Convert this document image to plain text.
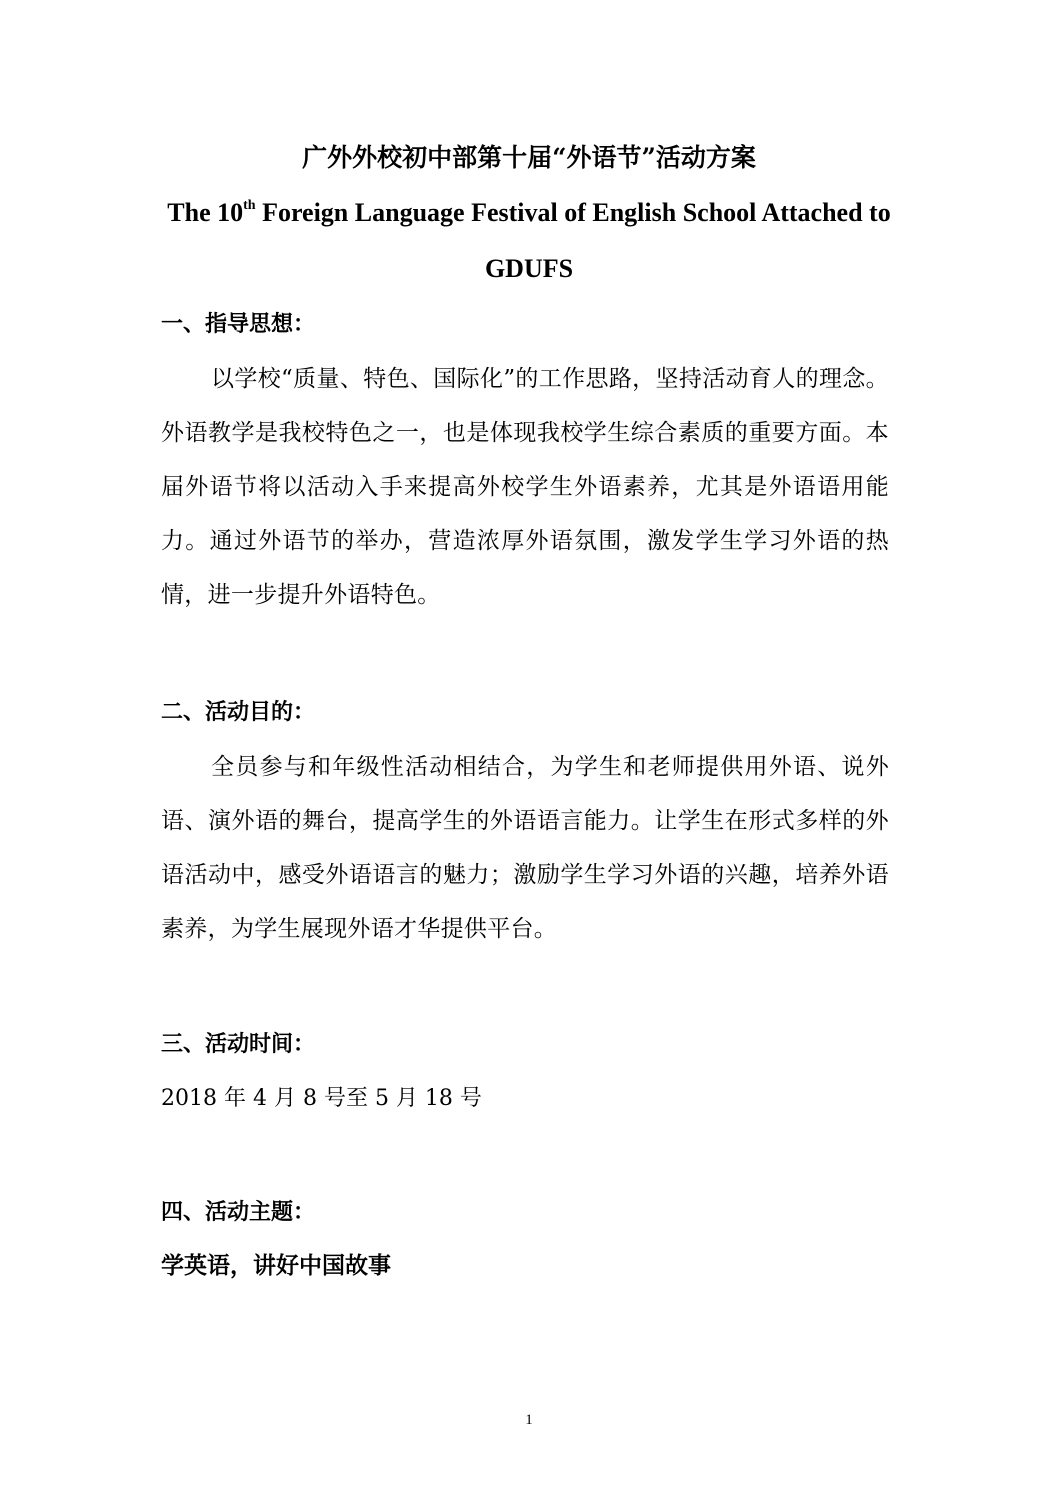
广外外校初中部第十届“外语节”活动方案
The 10th Foreign Language Festival of English School Attached to
GDUFS
一、指导思想：

以学校“质量、特色、国际化”的工作思路，坚持活动育人的理念。外语教学是我校特色之一，也是体现我校学生综合素质的重要方面。本届外语节将以活动入手来提高外校学生外语素养，尤其是外语语用能力。通过外语节的举办，营造浓厚外语氛围，激发学生学习外语的热情，进一步提升外语特色。

二、活动目的：

全员参与和年级性活动相结合，为学生和老师提供用外语、说外语、演外语的舞台，提高学生的外语语言能力。让学生在形式多样的外语活动中，感受外语语言的魅力；激励学生学习外语的兴趣，培养外语素养，为学生展现外语才华提供平台。

三、活动时间：
2018 年 4 月 8 号至 5 月 18 号
四、活动主题：
学英语，讲好中国故事
1
